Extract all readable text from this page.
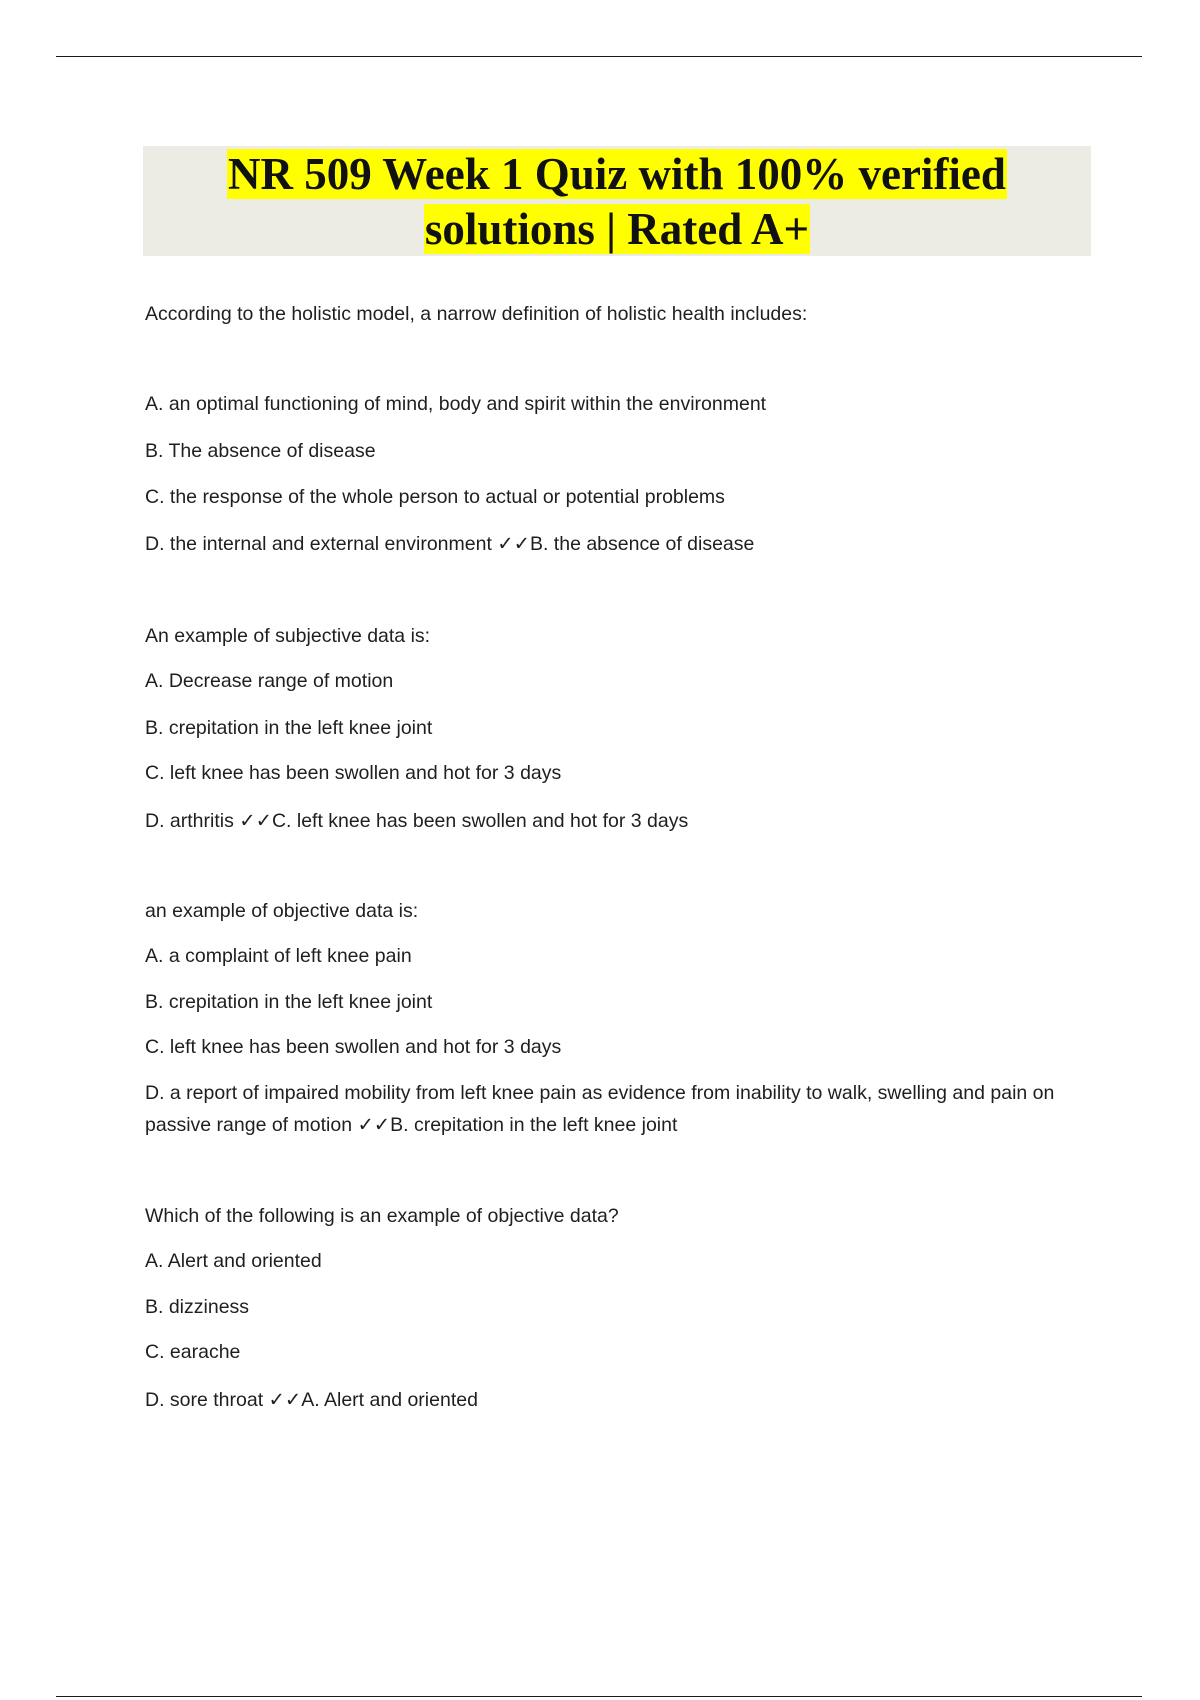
NR 509 Week 1 Quiz with 100% verified
solutions | Rated A+

According to the holistic model, a narrow definition of holistic health includes:
A. an optimal functioning of mind, body and spirit within the environment
B. The absence of disease
C. the response of the whole person to actual or potential problems
D. the internal and external environment ✓✓B. the absence of disease
An example of subjective data is:
A. Decrease range of motion
B. crepitation in the left knee joint
C. left knee has been swollen and hot for 3 days
D. arthritis ✓✓C. left knee has been swollen and hot for 3 days
an example of objective data is:
A. a complaint of left knee pain
B. crepitation in the left knee joint
C. left knee has been swollen and hot for 3 days
D. a report of impaired mobility from left knee pain as evidence from inability to walk, swelling and pain on passive range of motion ✓✓B. crepitation in the left knee joint
Which of the following is an example of objective data?
A. Alert and oriented
B. dizziness
C. earache
D. sore throat ✓✓A. Alert and oriented
